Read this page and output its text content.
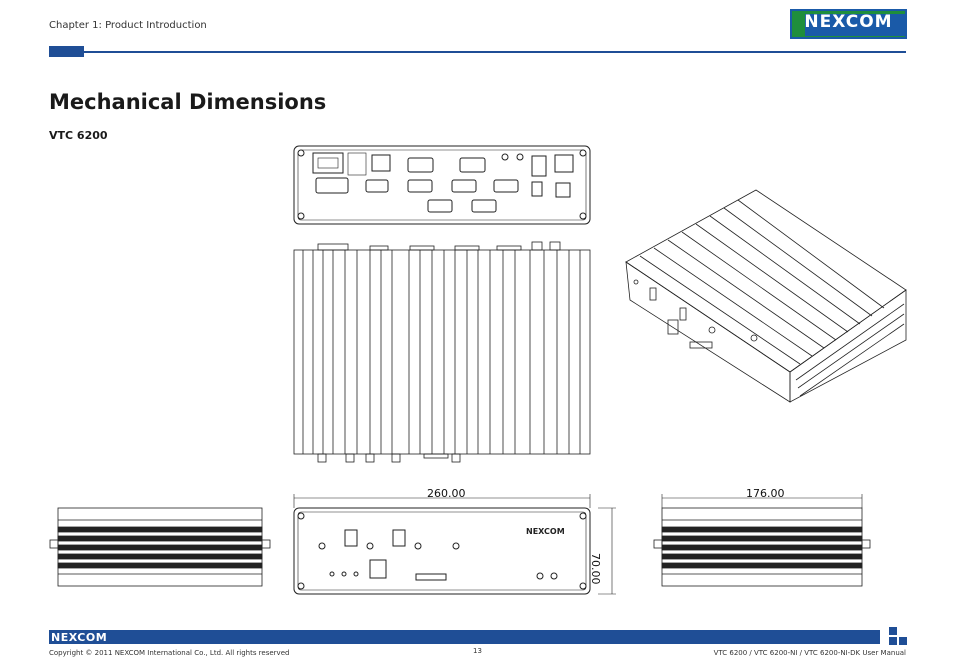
Chapter 1: Product Introduction	NEXCOM
Mechanical Dimensions
VTC 6200
NEXCOM
260.00	176.00
70.00
NEXCOM
Copyright © 2011 NEXCOM International Co., Ltd. All rights reserved	13	VTC 6200 / VTC 6200-NI / VTC 6200-NI-DK User Manual
